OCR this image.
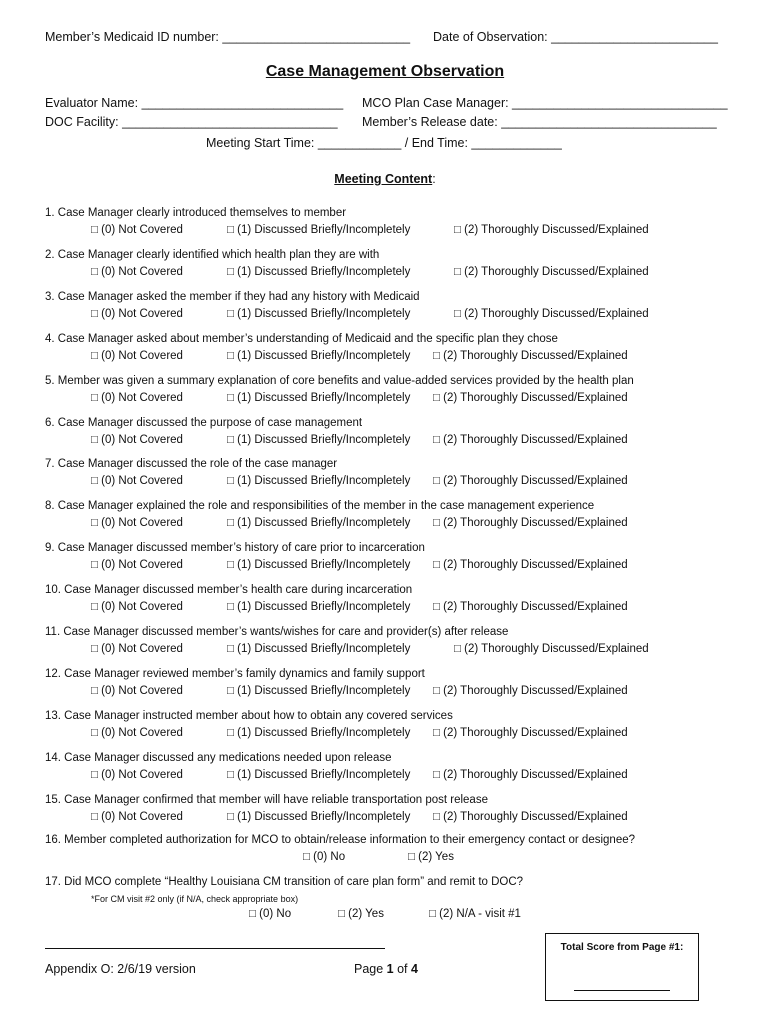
Member’s Medicaid ID number: ___________________________ Date of Observation: ________________________
Case Management Observation
Evaluator Name: _____________________________ MCO Plan Case Manager: _______________________________
DOC Facility: _______________________________ Member’s Release date: _______________________________
Meeting Start Time: ____________ / End Time: _____________
Meeting Content:
1. Case Manager clearly introduced themselves to member
□ (0) Not Covered	□ (1) Discussed Briefly/Incompletely	□ (2) Thoroughly Discussed/Explained
2. Case Manager clearly identified which health plan they are with
□ (0) Not Covered	□ (1) Discussed Briefly/Incompletely	□ (2) Thoroughly Discussed/Explained
3. Case Manager asked the member if they had any history with Medicaid
□ (0) Not Covered	□ (1) Discussed Briefly/Incompletely	□ (2) Thoroughly Discussed/Explained
4. Case Manager asked about member’s understanding of Medicaid and the specific plan they chose
□ (0) Not Covered	□ (1) Discussed Briefly/Incompletely □ (2) Thoroughly Discussed/Explained
5. Member was given a summary explanation of core benefits and value-added services provided by the health plan
□ (0) Not Covered	□ (1) Discussed Briefly/Incompletely □ (2) Thoroughly Discussed/Explained
6. Case Manager discussed the purpose of case management
□ (0) Not Covered	□ (1) Discussed Briefly/Incompletely □ (2) Thoroughly Discussed/Explained
7. Case Manager discussed the role of the case manager
□ (0) Not Covered	□ (1) Discussed Briefly/Incompletely □ (2) Thoroughly Discussed/Explained
8. Case Manager explained the role and responsibilities of the member in the case management experience
□ (0) Not Covered	□ (1) Discussed Briefly/Incompletely □ (2) Thoroughly Discussed/Explained
9. Case Manager discussed member’s history of care prior to incarceration
□ (0) Not Covered	□ (1) Discussed Briefly/Incompletely □ (2) Thoroughly Discussed/Explained
10. Case Manager discussed member’s health care during incarceration
□ (0) Not Covered	□ (1) Discussed Briefly/Incompletely □ (2) Thoroughly Discussed/Explained
11. Case Manager discussed member’s wants/wishes for care and provider(s) after release
□ (0) Not Covered	□ (1) Discussed Briefly/Incompletely	□ (2) Thoroughly Discussed/Explained
12. Case Manager reviewed member’s family dynamics and family support
□ (0) Not Covered	□ (1) Discussed Briefly/Incompletely □ (2) Thoroughly Discussed/Explained
13. Case Manager instructed member about how to obtain any covered services
□ (0) Not Covered	□ (1) Discussed Briefly/Incompletely □ (2) Thoroughly Discussed/Explained
14. Case Manager discussed any medications needed upon release
□ (0) Not Covered	□ (1) Discussed Briefly/Incompletely □ (2) Thoroughly Discussed/Explained
15. Case Manager confirmed that member will have reliable transportation post release
□ (0) Not Covered	□ (1) Discussed Briefly/Incompletely □ (2) Thoroughly Discussed/Explained
16. Member completed authorization for MCO to obtain/release information to their emergency contact or designee?
□ (0) No	□ (2) Yes
17. Did MCO complete “Healthy Louisiana CM transition of care plan form” and remit to DOC?
*For CM visit #2 only (if N/A, check appropriate box)
□ (0) No	□ (2) Yes	□ (2) N/A - visit #1
Appendix O: 2/6/19 version	Page 1 of 4
Total Score from Page #1:
